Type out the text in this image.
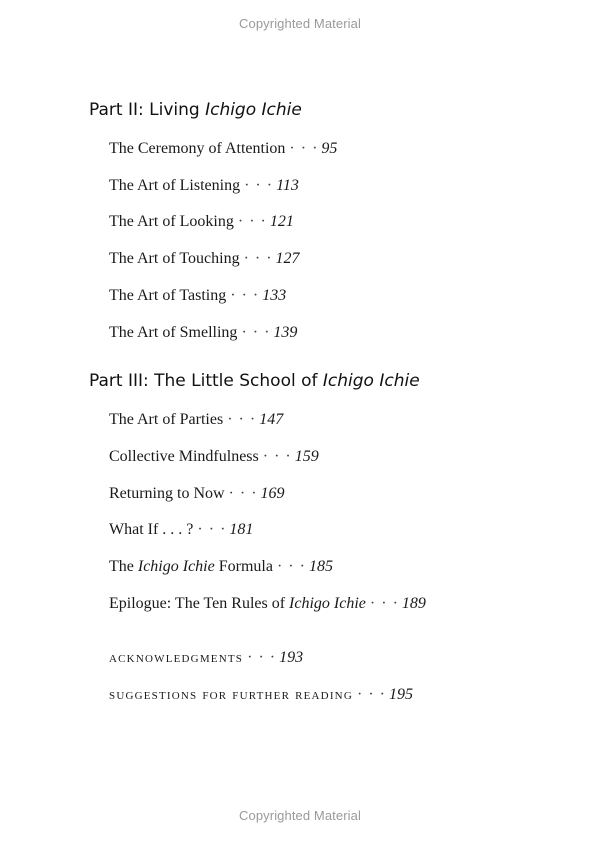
Copyrighted Material
Part II: Living Ichigo Ichie
The Ceremony of Attention · · · 95
The Art of Listening · · · 113
The Art of Looking · · · 121
The Art of Touching · · · 127
The Art of Tasting · · · 133
The Art of Smelling · · · 139
Part III: The Little School of Ichigo Ichie
The Art of Parties · · · 147
Collective Mindfulness · · · 159
Returning to Now · · · 169
What If . . . ? · · · 181
The Ichigo Ichie Formula · · · 185
Epilogue: The Ten Rules of Ichigo Ichie · · · 189
acknowledgments · · · 193
suggestions for further reading · · · 195
Copyrighted Material
